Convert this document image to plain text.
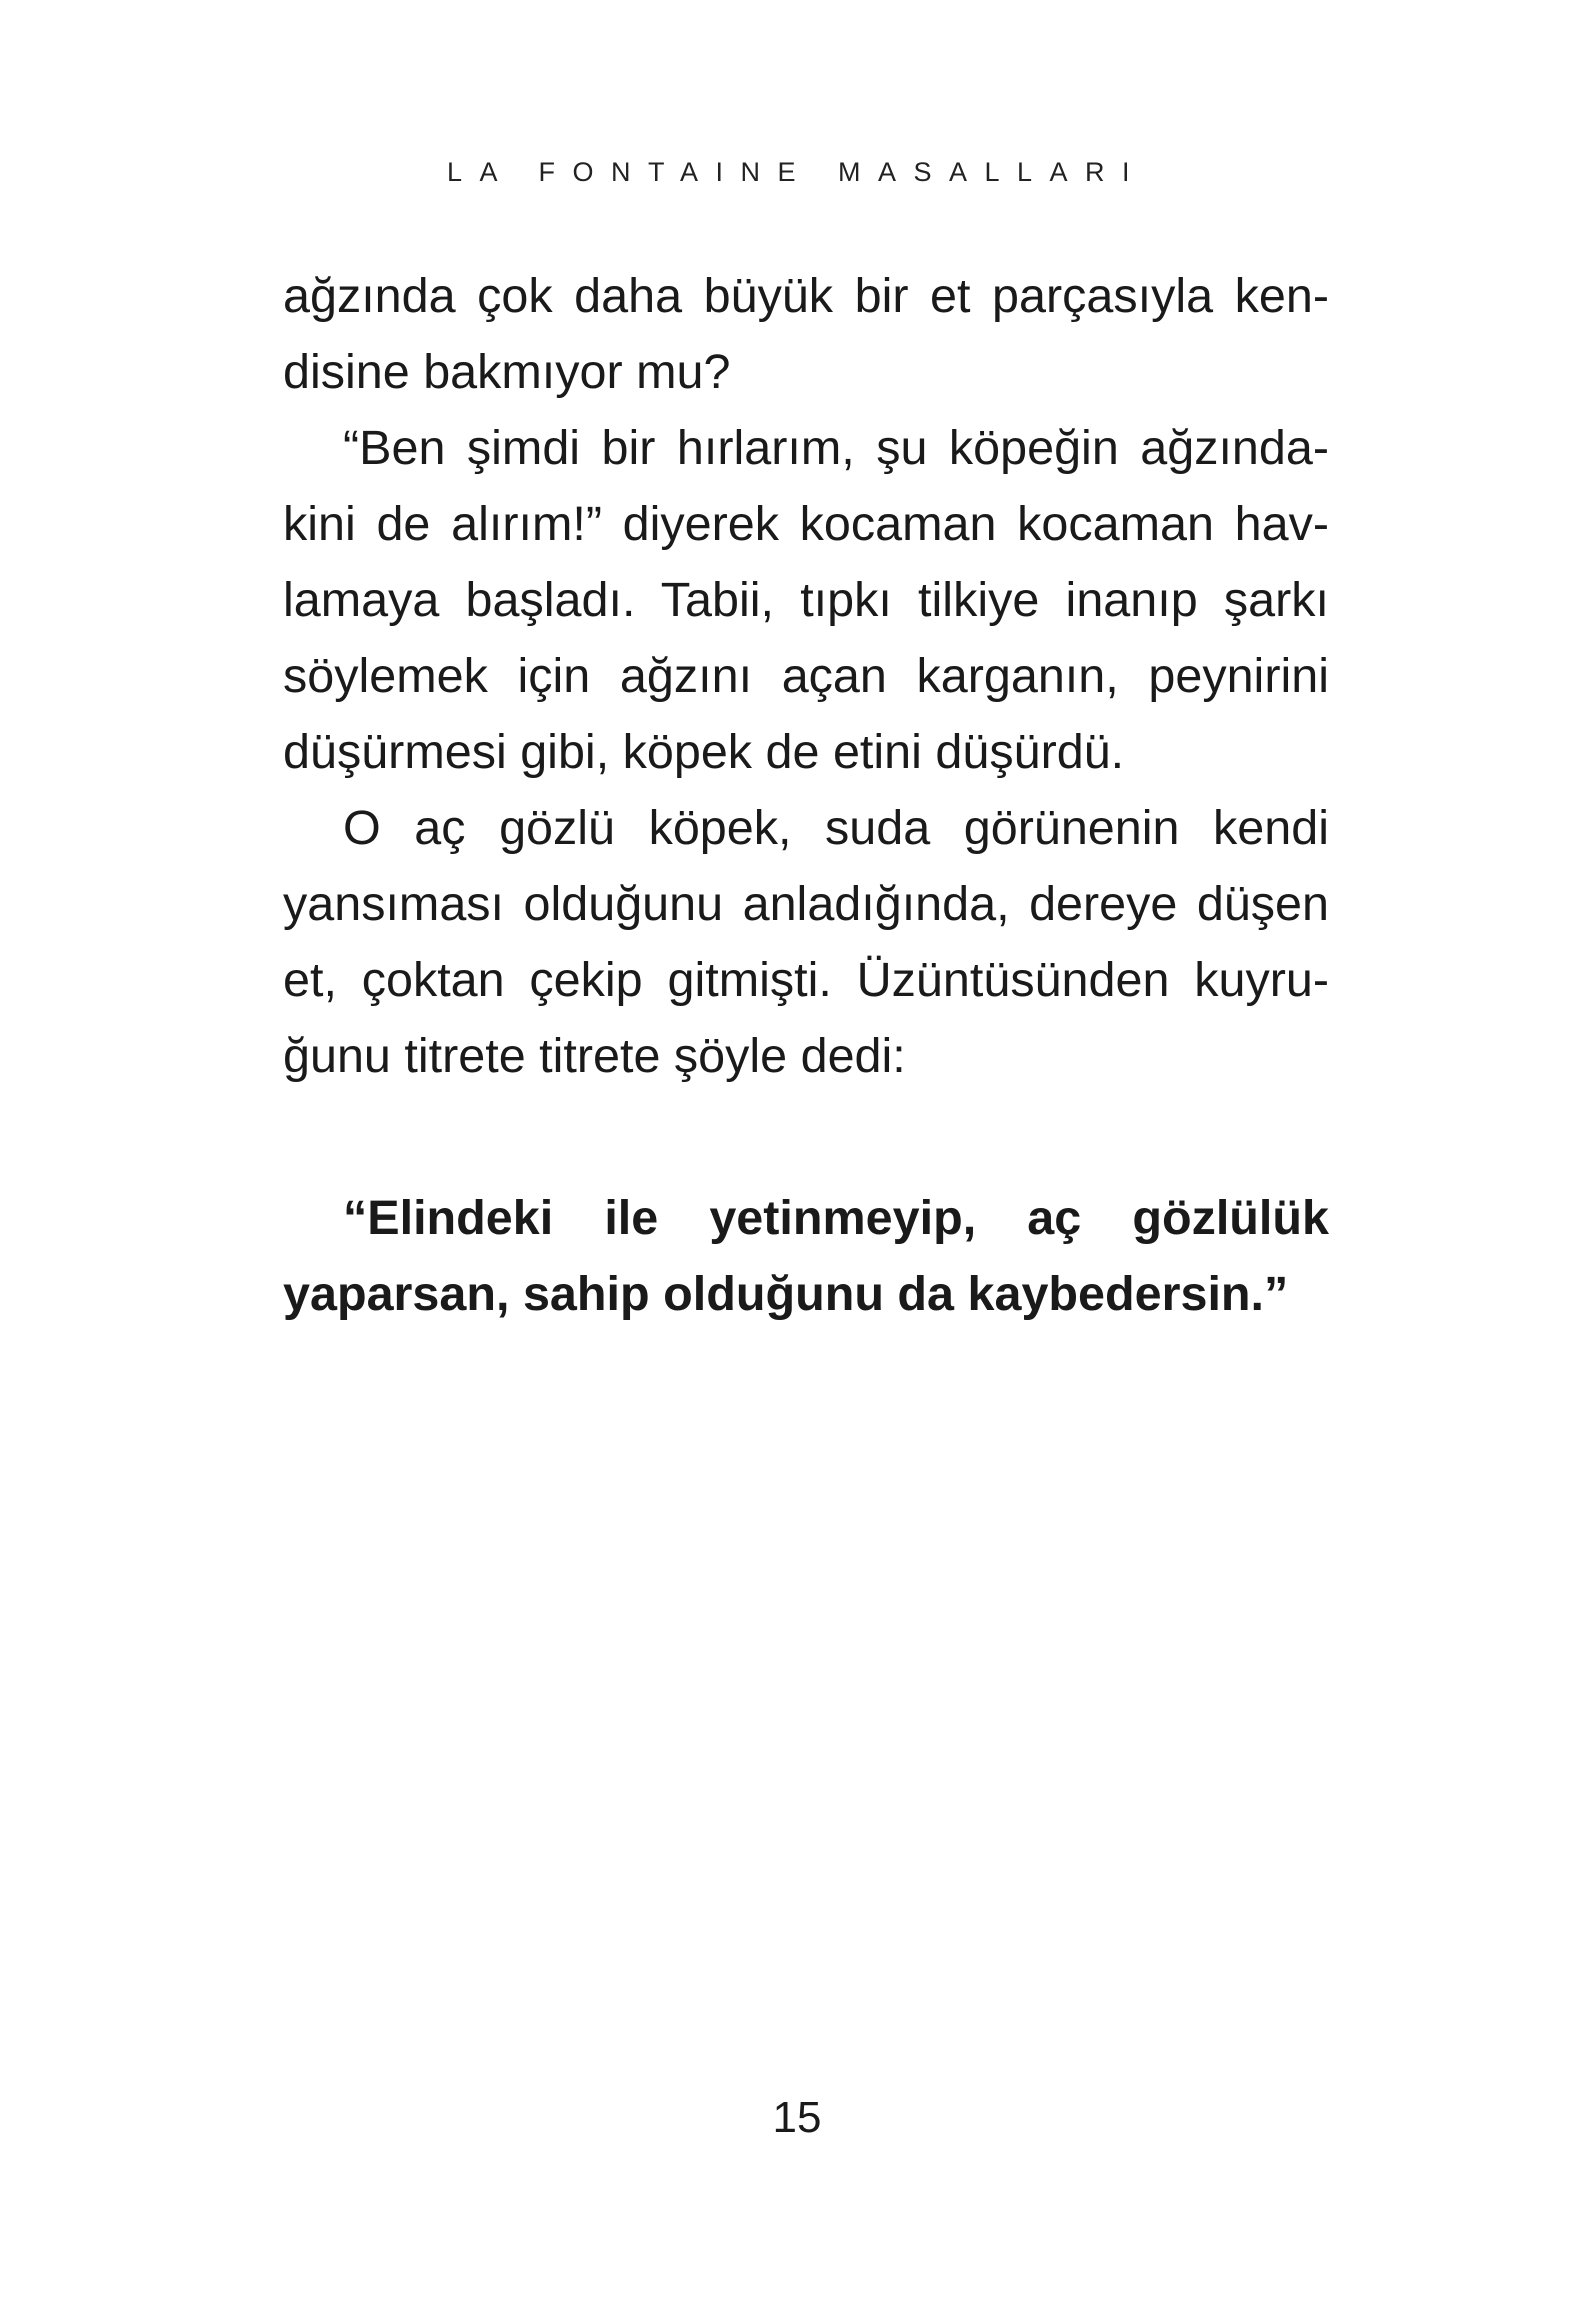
LA FONTAINE MASALLARI
ağzında çok daha büyük bir et parçasıyla ken-
disine bakmıyor mu?
“Ben şimdi bir hırlarım, şu köpeğin ağzında-
kini de alırım!” diyerek kocaman kocaman hav-
lamaya başladı. Tabii, tıpkı tilkiye inanıp şarkı
söylemek için ağzını açan karganın, peynirini
düşürmesi gibi, köpek de etini düşürdü.
O aç gözlü köpek, suda görünenin kendi
yansıması olduğunu anladığında, dereye düşen
et, çoktan çekip gitmişti. Üzüntüsünden kuyru-
ğunu titrete titrete şöyle dedi:
“Elindeki ile yetinmeyip, aç gözlülük
yaparsan, sahip olduğunu da kaybedersin.”
15
